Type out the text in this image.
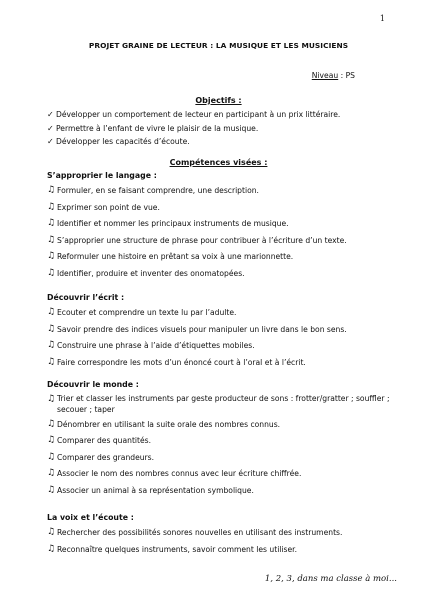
1
PROJET GRAINE DE LECTEUR : LA MUSIQUE ET LES MUSICIENS
Niveau : PS
Objectifs :
✓ Développer un comportement de lecteur en participant à un prix littéraire.
✓ Permettre à l’enfant de vivre le plaisir de la musique.
✓ Développer les capacités d’écoute.
Compétences visées :
S’approprier le langage :
♫ Formuler, en se faisant comprendre, une description.
♫ Exprimer son point de vue.
♫ Identifier et nommer les principaux instruments de musique.
♫ S’approprier une structure de phrase pour contribuer à l’écriture d’un texte.
♫ Reformuler une histoire en prêtant sa voix à une marionnette.
♫ Identifier, produire et inventer des onomatopées.
Découvrir l’écrit :
♫ Ecouter et comprendre un texte lu par l’adulte.
♫ Savoir prendre des indices visuels pour manipuler un livre dans le bon sens.
♫ Construire une phrase à l’aide d’étiquettes mobiles.
♫ Faire correspondre les mots d’un énoncé court à l’oral et à l’écrit.
Découvrir le monde :
♫ Trier et classer les instruments par geste producteur de sons : frotter/gratter ; souffler ; secouer ; taper
♫ Dénombrer en utilisant la suite orale des nombres connus.
♫ Comparer des quantités.
♫ Comparer des grandeurs.
♫ Associer le nom des nombres connus avec leur écriture chiffrée.
♫ Associer un animal à sa représentation symbolique.
La voix et l’écoute :
♫ Rechercher des possibilités sonores nouvelles en utilisant des instruments.
♫ Reconnaître quelques instruments, savoir comment les utiliser.
1, 2, 3, dans ma classe à moi...
